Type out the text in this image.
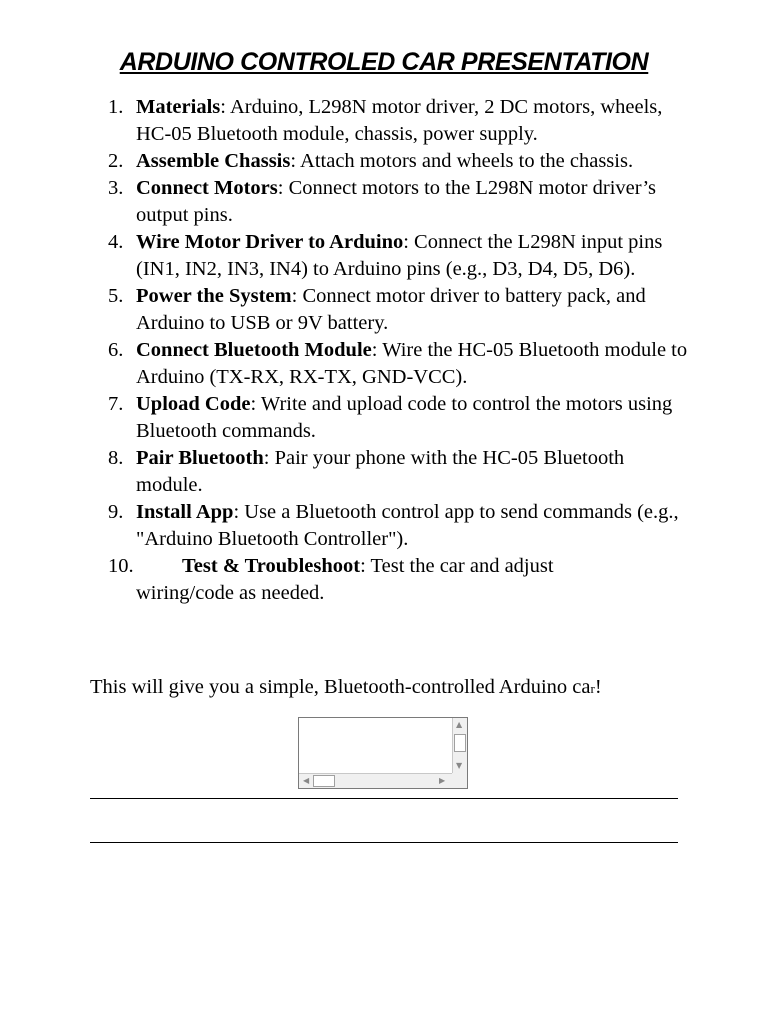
ARDUINO CONTROLED CAR PRESENTATION
1. Materials: Arduino, L298N motor driver, 2 DC motors, wheels, HC-05 Bluetooth module, chassis, power supply.
2. Assemble Chassis: Attach motors and wheels to the chassis.
3. Connect Motors: Connect motors to the L298N motor driver’s output pins.
4. Wire Motor Driver to Arduino: Connect the L298N input pins (IN1, IN2, IN3, IN4) to Arduino pins (e.g., D3, D4, D5, D6).
5. Power the System: Connect motor driver to battery pack, and Arduino to USB or 9V battery.
6. Connect Bluetooth Module: Wire the HC-05 Bluetooth module to Arduino (TX-RX, RX-TX, GND-VCC).
7. Upload Code: Write and upload code to control the motors using Bluetooth commands.
8. Pair Bluetooth: Pair your phone with the HC-05 Bluetooth module.
9. Install App: Use a Bluetooth control app to send commands (e.g., "Arduino Bluetooth Controller").
10.	Test & Troubleshoot: Test the car and adjust
wiring/code as needed.
This will give you a simple, Bluetooth-controlled Arduino car!
▲
▼
◀	▶
